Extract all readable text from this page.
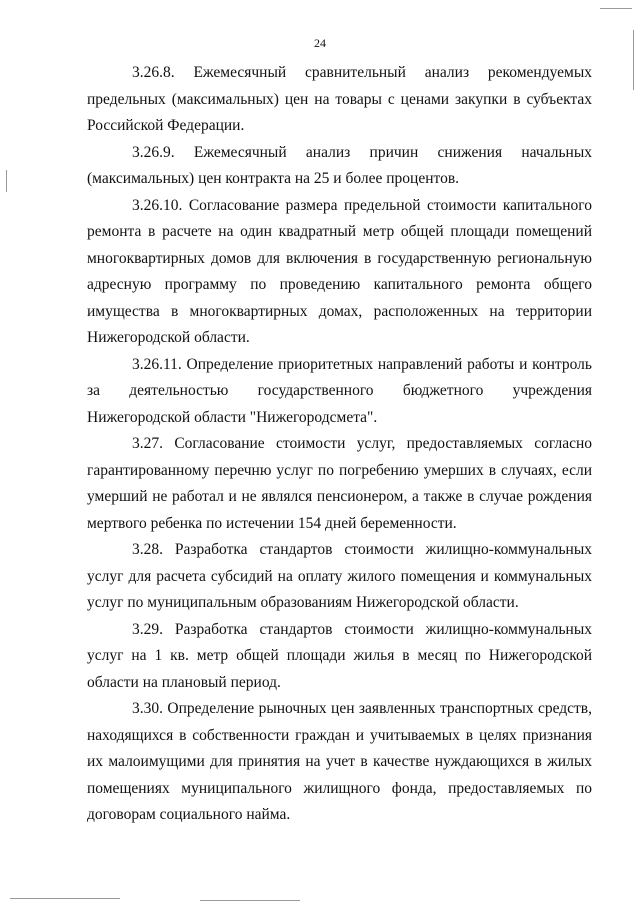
24

3.26.8. Ежемесячный сравнительный анализ рекомендуемых предельных (максимальных) цен на товары с ценами закупки в субъектах Российской Федерации.

3.26.9. Ежемесячный анализ причин снижения начальных (максимальных) цен контракта на 25 и более процентов.

3.26.10. Согласование размера предельной стоимости капитального ремонта в расчете на один квадратный метр общей площади помещений многоквартирных домов для включения в государственную региональную адресную программу по проведению капитального ремонта общего имущества в многоквартирных домах, расположенных на территории Нижегородской области.

3.26.11. Определение приоритетных направлений работы и контроль за деятельностью государственного бюджетного учреждения Нижегородской области "Нижегородсмета".

3.27. Согласование стоимости услуг, предоставляемых согласно гарантированному перечню услуг по погребению умерших в случаях, если умерший не работал и не являлся пенсионером, а также в случае рождения мертвого ребенка по истечении 154 дней беременности.

3.28. Разработка стандартов стоимости жилищно-коммунальных услуг для расчета субсидий на оплату жилого помещения и коммунальных услуг по муниципальным образованиям Нижегородской области.

3.29. Разработка стандартов стоимости жилищно-коммунальных услуг на 1 кв. метр общей площади жилья в месяц по Нижегородской области на плановый период.

3.30. Определение рыночных цен заявленных транспортных средств, находящихся в собственности граждан и учитываемых в целях признания их малоимущими для принятия на учет в качестве нуждающихся в жилых помещениях муниципального жилищного фонда, предоставляемых по договорам социального найма.
